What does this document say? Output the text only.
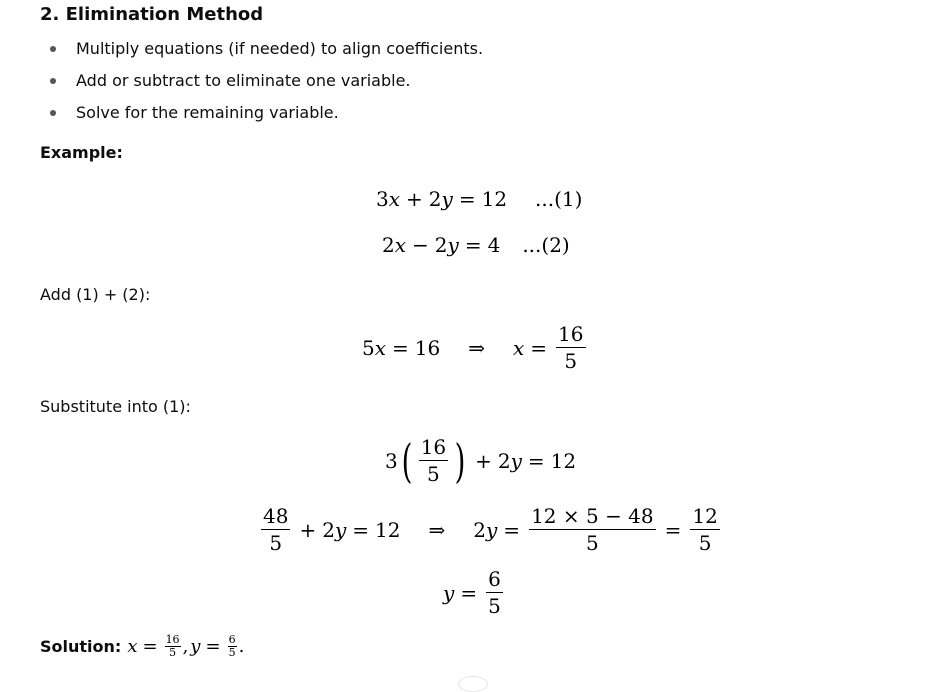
2. Elimination Method
Multiply equations (if needed) to align coefficients.
Add or subtract to eliminate one variable.
Solve for the remaining variable.
Example:
3 x + 2 y = 12 ...(1)
2 x − 2 y = 4 ...(2)
Add (1) + (2):
5 x = 16 ⇒ $x = \frac{16}{5}$
Substitute into (1):
3 ( $\frac{16}{5}$ ) + 2 y = 12
$\frac{48}{5} + 2$ y = 12 ⇒ 2 $y = \frac{12 \times 5 - 48}{5} = \frac{12}{5}$
$y = \frac{6}{5}$
Solution: $x = \frac{16}{5}$ , $y = \frac{6}{5}$ .
